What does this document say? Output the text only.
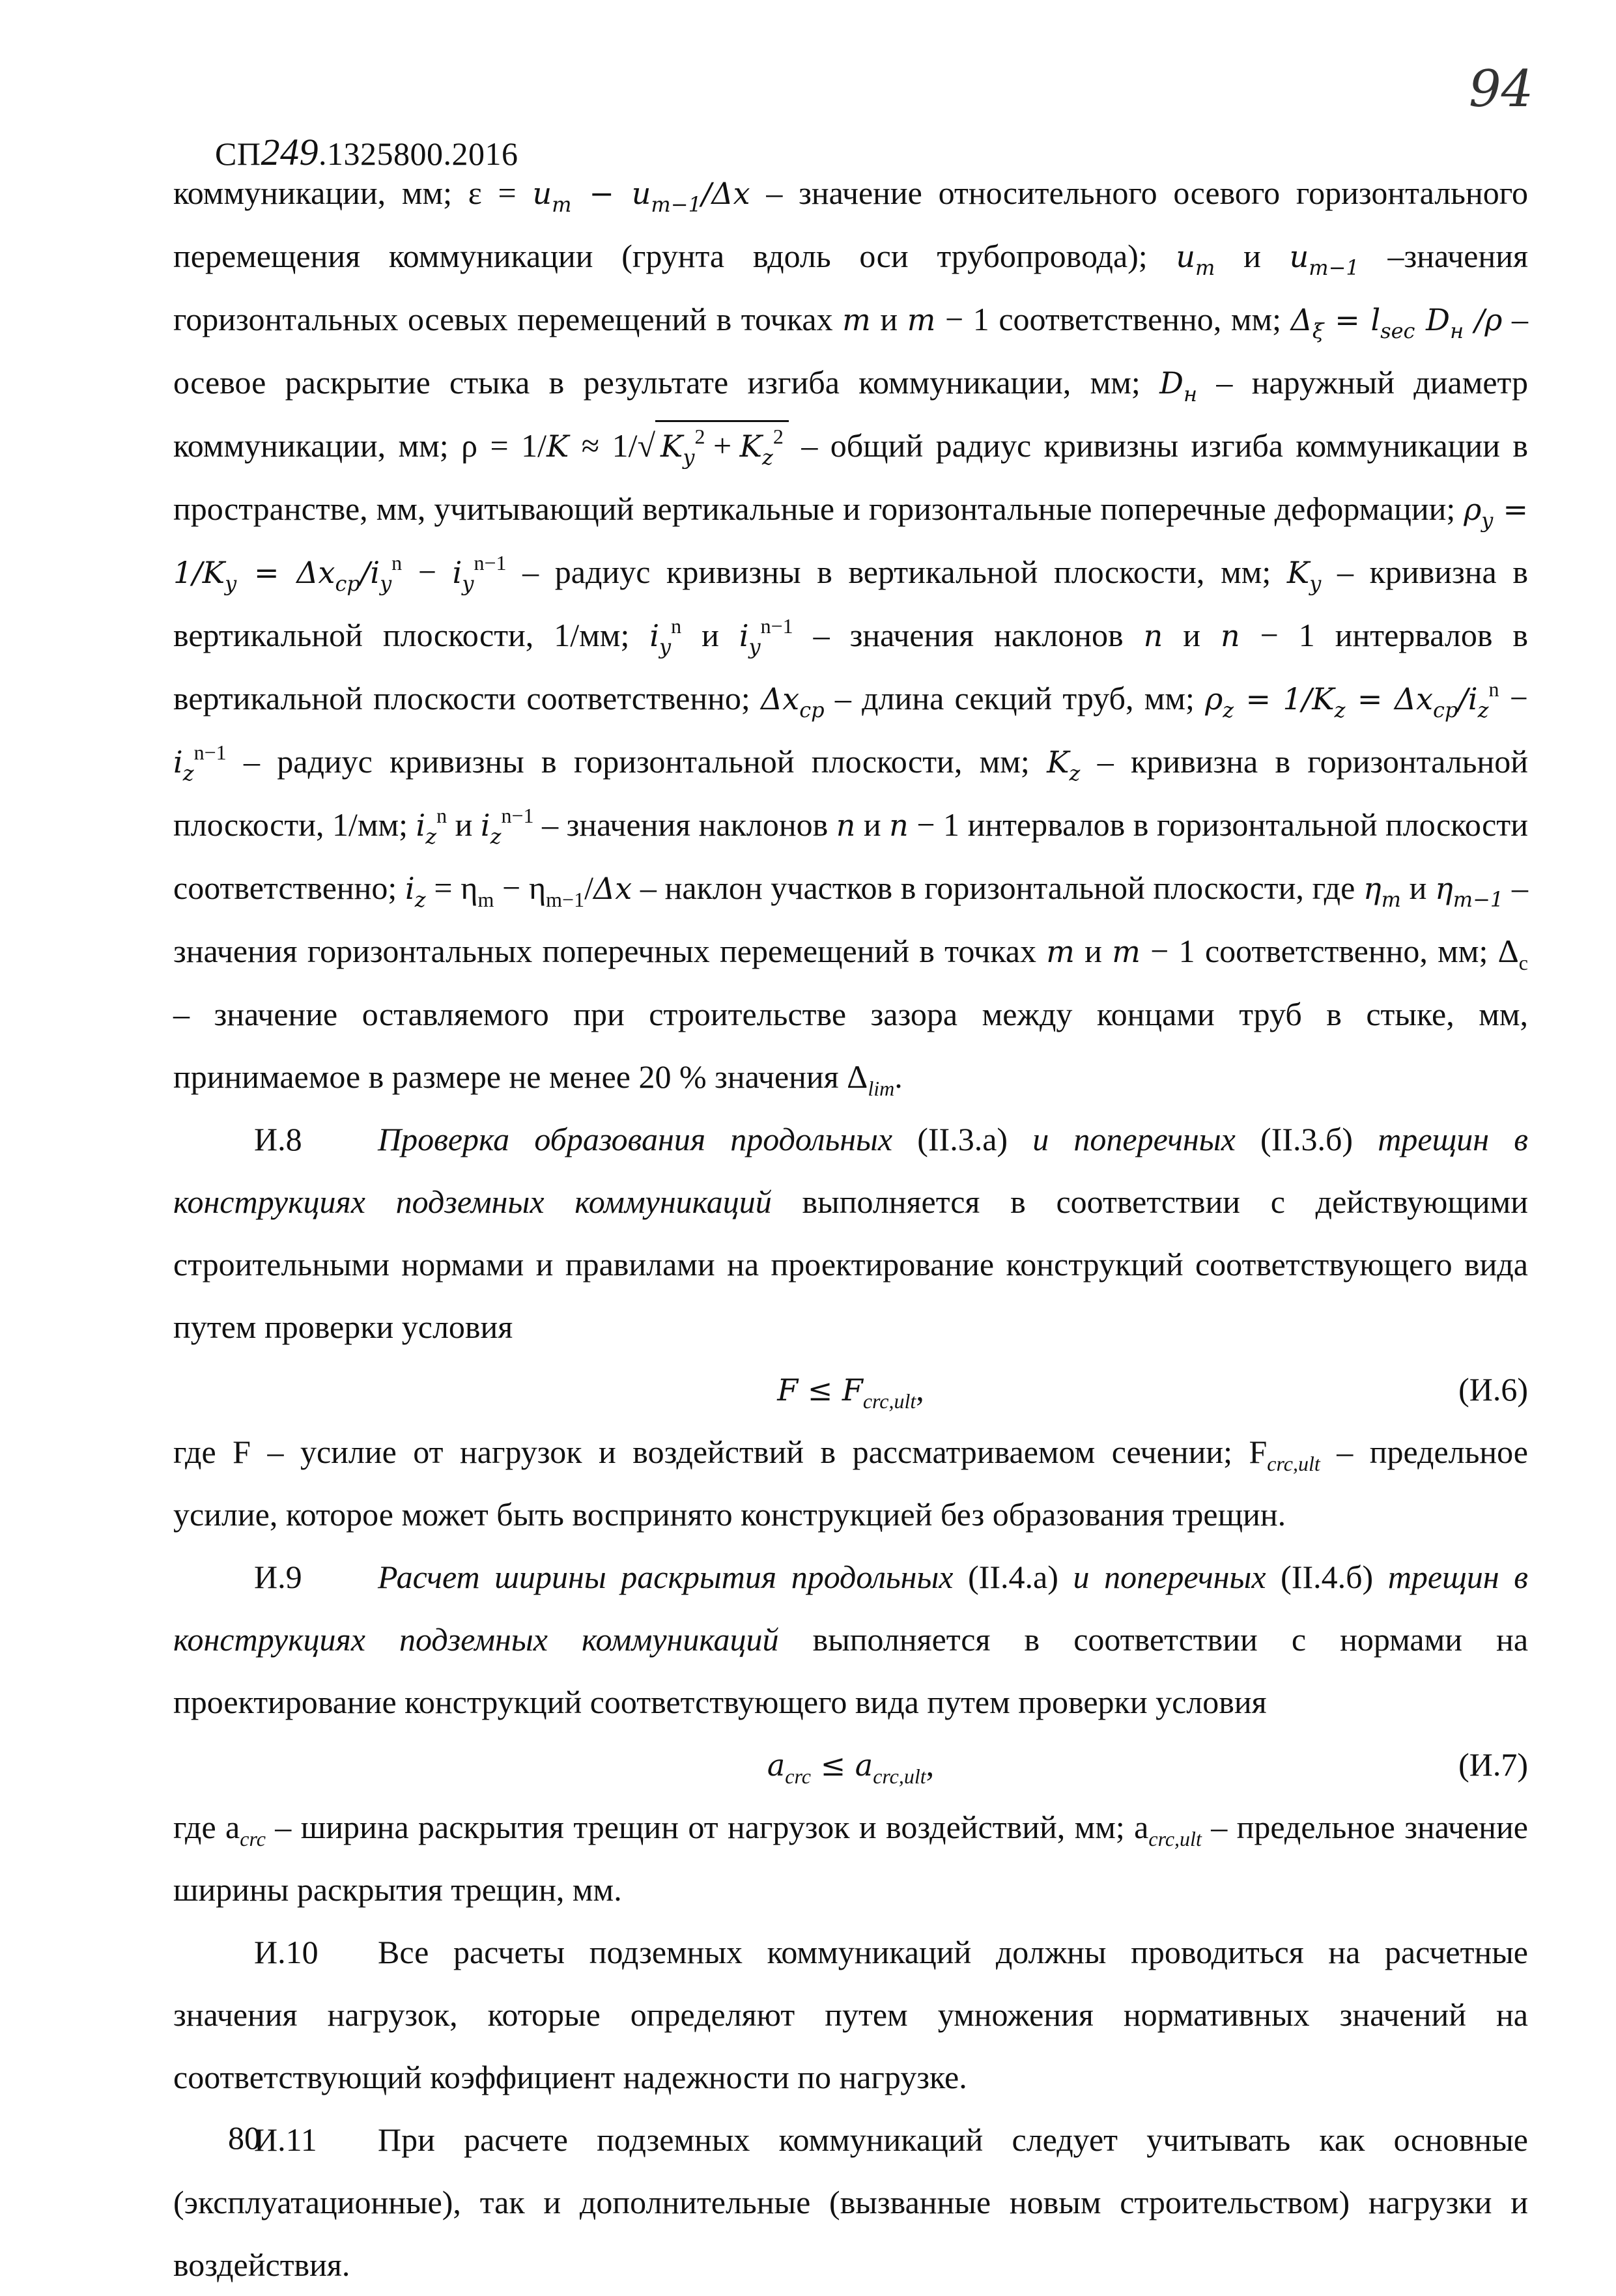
94
СП249.1325800.2016

коммуникации, мм; $\varepsilon = u_m - u_{m-1}/\Delta x$ – значение относительного осевого горизонтального перемещения коммуникации (грунта вдоль оси трубопровода); $u_m$ и $u_{m-1}$ –значения горизонтальных осевых перемещений в точках m и m − 1 соответственно, мм; $\Delta_\xi = l_{sec}$ $D_н$ /ρ – осевое раскрытие стыка в результате изгиба коммуникации, мм; $D_н$ – наружный диаметр коммуникации, мм; ρ = 1/K ≈ 1/√ $K_y^2 + K_z^2$ – общий радиус кривизны изгиба коммуникации в пространстве, мм, учитывающий вертикальные и горизонтальные поперечные деформации; $\rho_y = 1/K_y = \Delta x_{ср}/i_y^n - i_y^{n-1}$ – радиус кривизны в вертикальной плоскости, мм; $K_y$ – кривизна в вертикальной плоскости, 1/мм; $i_y^n$ и $i_y^{n-1}$ – значения наклонов n и n − 1 интервалов в вертикальной плоскости соответственно; $\Delta x_{ср}$ – длина секций труб, мм; $\rho_z = 1/K_z = \Delta x_{ср}/i_z^n - i_z^{n-1}$ – радиус кривизны в горизонтальной плоскости, мм; $K_z$ – кривизна в горизонтальной плоскости, 1/мм; $i_z^n$ и $i_z^{n-1}$ – значения наклонов n и n − 1 интервалов в горизонтальной плоскости соответственно; $i_z = \eta_m - \eta_{m-1}/\Delta x$ – наклон участков в горизонтальной плоскости, где $\eta_m$ и $\eta_{m-1}$ – значения горизонтальных поперечных перемещений в точках m и m − 1 соответственно, мм; $\Delta_с$ – значение оставляемого при строительстве зазора между концами труб в стыке, мм, принимаемое в размере не менее 20 % значения $\Delta_{lim}$.

И.8 Проверка образования продольных (II.3.а) и поперечных (II.3.б) трещин в конструкциях подземных коммуникаций выполняется в соответствии с действующими строительными нормами и правилами на проектирование конструкций соответствующего вида путем проверки условия

$F \le F_{crc,ult}$,	(И.6)

где F – усилие от нагрузок и воздействий в рассматриваемом сечении; $F_{crc,ult}$ – предельное усилие, которое может быть воспринято конструкцией без образования трещин.

И.9 Расчет ширины раскрытия продольных (II.4.а) и поперечных (II.4.б) трещин в конструкциях подземных коммуникаций выполняется в соответствии с нормами на проектирование конструкций соответствующего вида путем проверки условия

$a_{crc} \le a_{crc,ult}$,	(И.7)

где $a_{crc}$ – ширина раскрытия трещин от нагрузок и воздействий, мм; $a_{crc,ult}$ – предельное значение ширины раскрытия трещин, мм.

И.10 Все расчеты подземных коммуникаций должны проводиться на расчетные значения нагрузок, которые определяют путем умножения нормативных значений на соответствующий коэффициент надежности по нагрузке.

И.11 При расчете подземных коммуникаций следует учитывать как основные (эксплуатационные), так и дополнительные (вызванные новым строительством) нагрузки и воздействия.

80
